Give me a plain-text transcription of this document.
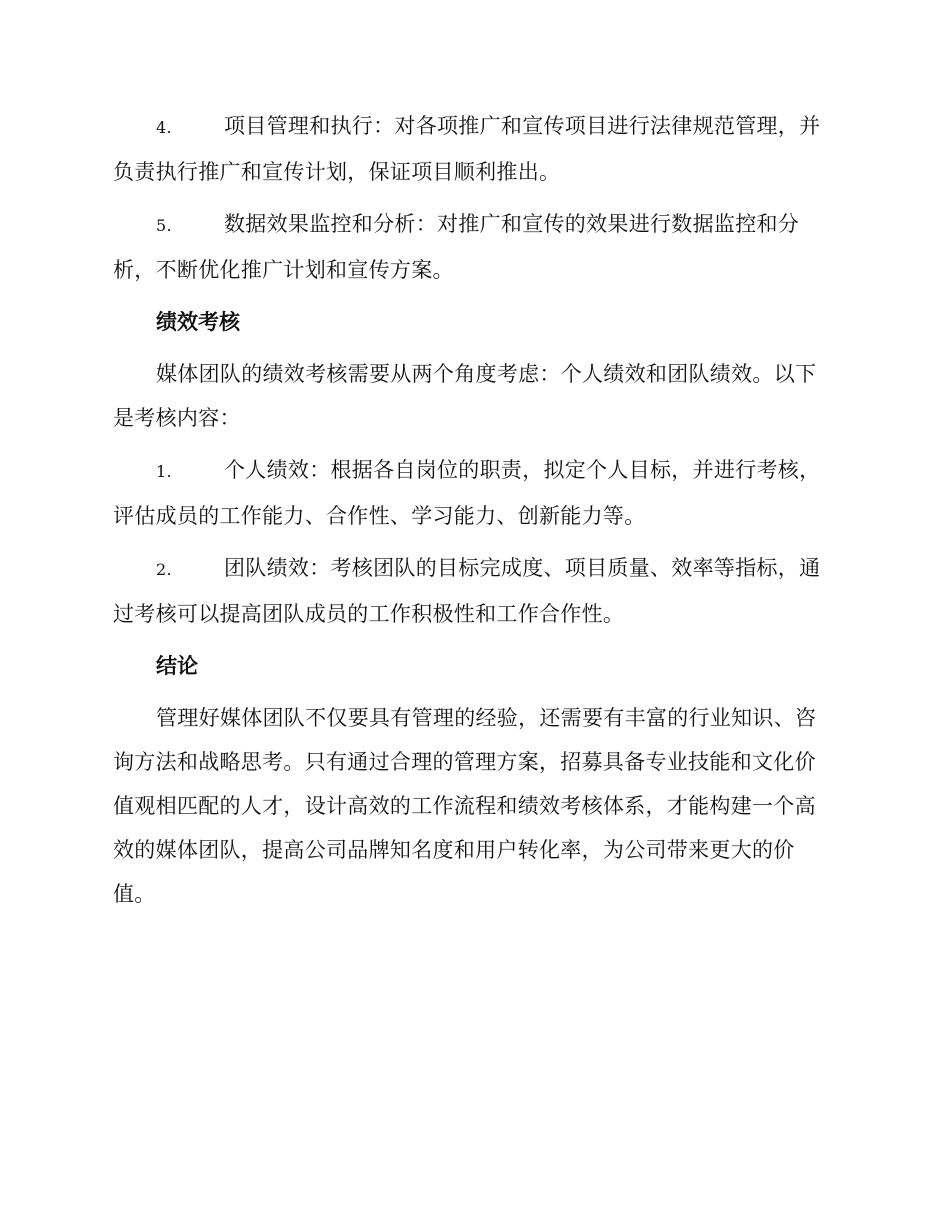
4. 项目管理和执行：对各项推广和宣传项目进行法律规范管理，并负责执行推广和宣传计划，保证项目顺利推出。

5. 数据效果监控和分析：对推广和宣传的效果进行数据监控和分析，不断优化推广计划和宣传方案。

绩效考核

媒体团队的绩效考核需要从两个角度考虑：个人绩效和团队绩效。以下是考核内容：

1. 个人绩效：根据各自岗位的职责，拟定个人目标，并进行考核，评估成员的工作能力、合作性、学习能力、创新能力等。

2. 团队绩效：考核团队的目标完成度、项目质量、效率等指标，通过考核可以提高团队成员的工作积极性和工作合作性。

结论

管理好媒体团队不仅要具有管理的经验，还需要有丰富的行业知识、咨询方法和战略思考。只有通过合理的管理方案，招募具备专业技能和文化价值观相匹配的人才，设计高效的工作流程和绩效考核体系，才能构建一个高效的媒体团队，提高公司品牌知名度和用户转化率，为公司带来更大的价值。
